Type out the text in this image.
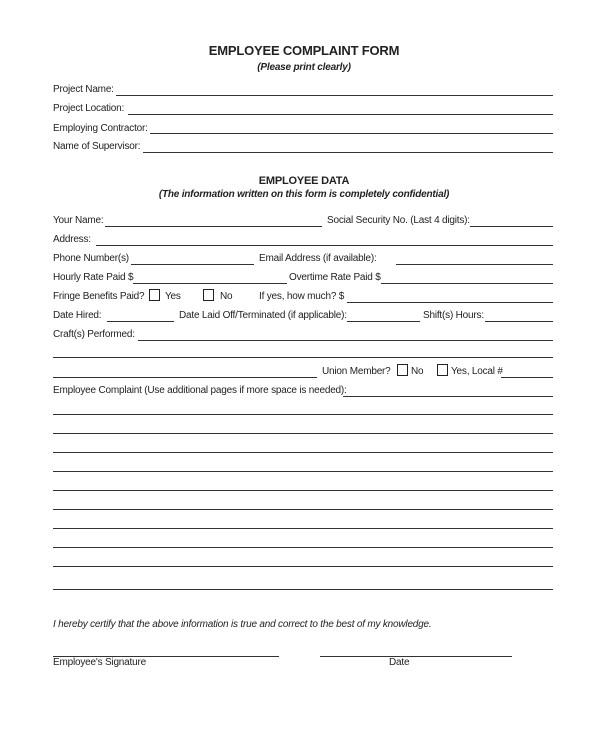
EMPLOYEE COMPLAINT FORM
(Please print clearly)
Project Name:
Project Location:
Employing Contractor:
Name of Supervisor:
EMPLOYEE DATA
(The information written on this form is completely confidential)
Your Name:	Social Security No. (Last 4 digits):
Address:
Phone Number(s)	Email Address (if available):
Hourly Rate Paid $	Overtime Rate Paid $
Fringe Benefits Paid? Yes	No	If yes, how much? $
Date Hired:	Date Laid Off/Terminated (if applicable):	Shift(s) Hours:
Craft(s) Performed:
Union Member? No	Yes, Local #
Employee Complaint (Use additional pages if more space is needed):
I hereby certify that the above information is true and correct to the best of my knowledge.
Employee's Signature	Date
